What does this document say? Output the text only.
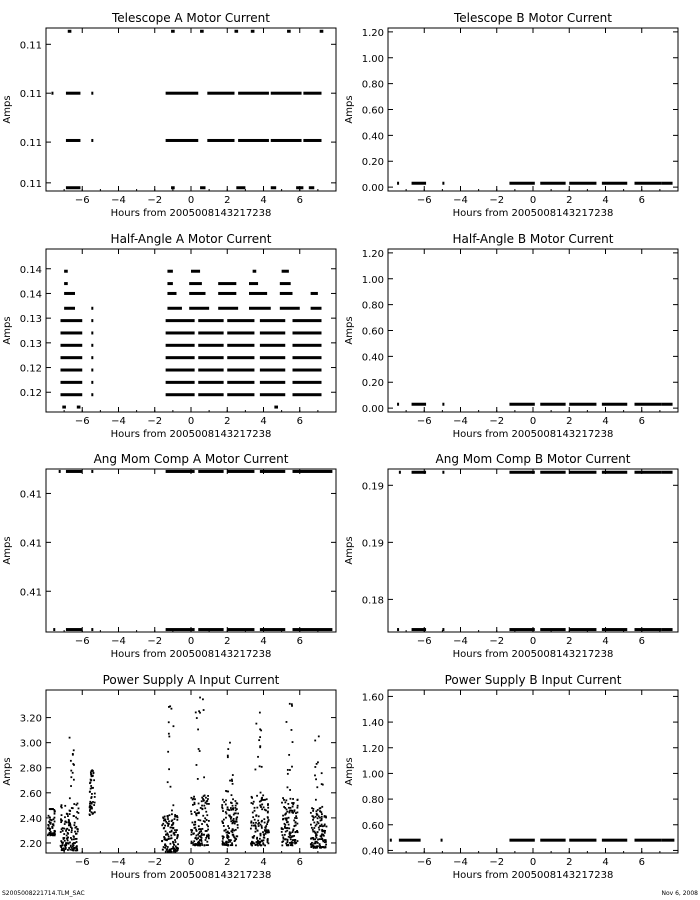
Telescope A Motor Current
−6 −4 −2	0	2	4	6
0.11
0.11
0.11
0.11
Hours from 2005008143217238
Amps
Telescope B Motor Current
−6 −4 −2	0	2	4	6
0.00
0.20
0.40
0.60
0.80
1.00
1.20
Hours from 2005008143217238
Amps
Half-Angle A Motor Current
−6 −4 −2	0	2	4	6
0.12
0.12
0.13
0.13
0.14
0.14
Hours from 2005008143217238
Amps
Half-Angle B Motor Current
−6 −4 −2	0	2	4	6
0.00
0.20
0.40
0.60
0.80
1.00
1.20
Hours from 2005008143217238
Amps
Ang Mom Comp A Motor Current
−6 −4 −2	0	2	4	6
0.41
0.41
0.41
Hours from 2005008143217238
Amps
Ang Mom Comp B Motor Current
−6 −4 −2	0	2	4	6
0.18
0.19
0.19
Hours from 2005008143217238
Amps
Power Supply A Input Current
−6 −4 −2	0	2	4	6
2.20
2.40
2.60
2.80
3.00
3.20
Hours from 2005008143217238
Amps
Power Supply B Input Current
−6 −4 −2	0	2	4	6
0.40
0.60
0.80
1.00
1.20
1.40
1.60
Hours from 2005008143217238
Amps
S2005008221714.TLM_SAC	Nov 6, 2008
